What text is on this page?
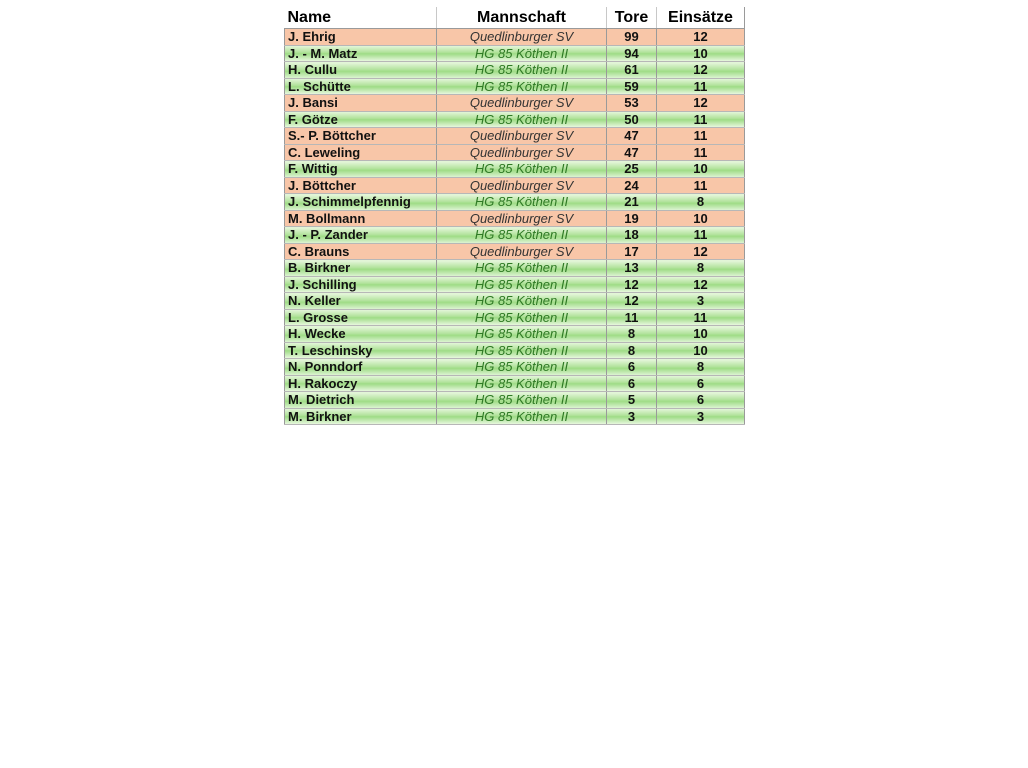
Name	Mannschaft	Tore	Einsätze
J. Ehrig	Quedlinburger SV	99	12
J. - M. Matz	HG 85 Köthen II	94	10
H. Cullu	HG 85 Köthen II	61	12
L. Schütte	HG 85 Köthen II	59	11
J. Bansi	Quedlinburger SV	53	12
F. Götze	HG 85 Köthen II	50	11
S.- P. Böttcher	Quedlinburger SV	47	11
C. Leweling	Quedlinburger SV	47	11
F. Wittig	HG 85 Köthen II	25	10
J. Böttcher	Quedlinburger SV	24	11
J. Schimmelpfennig	HG 85 Köthen II	21	8
M. Bollmann	Quedlinburger SV	19	10
J. - P. Zander	HG 85 Köthen II	18	11
C. Brauns	Quedlinburger SV	17	12
B. Birkner	HG 85 Köthen II	13	8
J. Schilling	HG 85 Köthen II	12	12
N. Keller	HG 85 Köthen II	12	3
L. Grosse	HG 85 Köthen II	11	11
H. Wecke	HG 85 Köthen II	8	10
T. Leschinsky	HG 85 Köthen II	8	10
N. Ponndorf	HG 85 Köthen II	6	8
H. Rakoczy	HG 85 Köthen II	6	6
M. Dietrich	HG 85 Köthen II	5	6
M. Birkner	HG 85 Köthen II	3	3
